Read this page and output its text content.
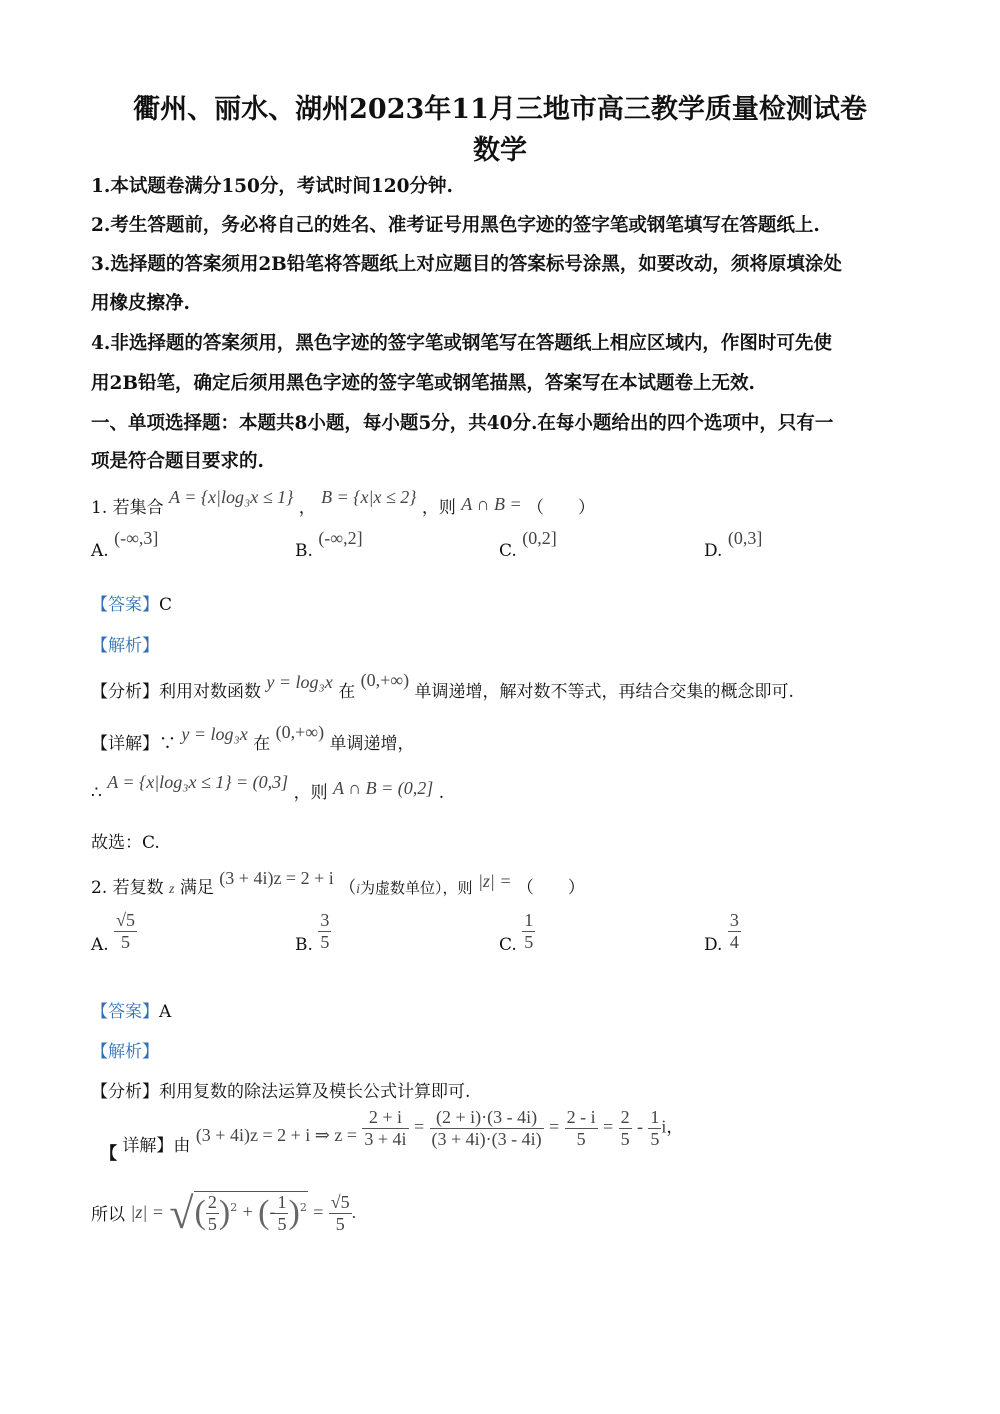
衢州、丽水、湖州2023年11月三地市高三教学质量检测试卷
数学
1.本试题卷满分150分，考试时间120分钟.
2.考生答题前，务必将自己的姓名、准考证号用黑色字迹的签字笔或钢笔填写在答题纸上.
3.选择题的答案须用2B铅笔将答题纸上对应题目的答案标号涂黑，如要改动，须将原填涂处
用橡皮擦净.
4.非选择题的答案须用，黑色字迹的签字笔或钢笔写在答题纸上相应区域内，作图时可先使
用2B铅笔，确定后须用黑色字迹的签字笔或钢笔描黑，答案写在本试题卷上无效.
一、单项选择题：本题共8小题，每小题5分，共40分.在每小题给出的四个选项中，只有一
项是符合题目要求的.
1. 若集合 A = {x|log₃x ≤ 1} ， B = {x|x ≤ 2} ，则 A ∩ B = （　　）
A. (-∞,3]
B. (-∞,2]
C. (0,2]
D. (0,3]
【答案】C
【解析】
【分析】利用对数函数 y = log₃x 在 (0,+∞) 单调递增，解对数不等式，再结合交集的概念即可.
【详解】∵ y = log₃x 在 (0,+∞) 单调递增，
∴ A = {x|log₃x ≤ 1} = (0,3] ，则 A ∩ B = (0,2] .
故选：C.
2. 若复数 z 满足 (3 + 4i)z = 2 + i （i为虚数单位），则 |z| = （　　）
A. $\frac{√5}{5}$	B. $\frac{3}{5}$	C. $\frac{1}{5}$	D. $\frac{3}{4}$
【答案】A
【解析】
【分析】利用复数的除法运算及模长公式计算即可.
【 详解】由 (3 + 4i)z = 2 + i ⇒ $z = \frac{2 + i}{3 + 4i} = \frac{(2 + i)\cdot(3 - 4i)}{(3 + 4i)\cdot(3 - 4i)} = \frac{2 - i}{5} = \frac{2}{5} - \frac{1}{5}$ i，
所以 |z| = √( $\frac{2}{5} )^2$ + (- $\frac{1}{5} )^2 = \frac{√5}{5}$ .
